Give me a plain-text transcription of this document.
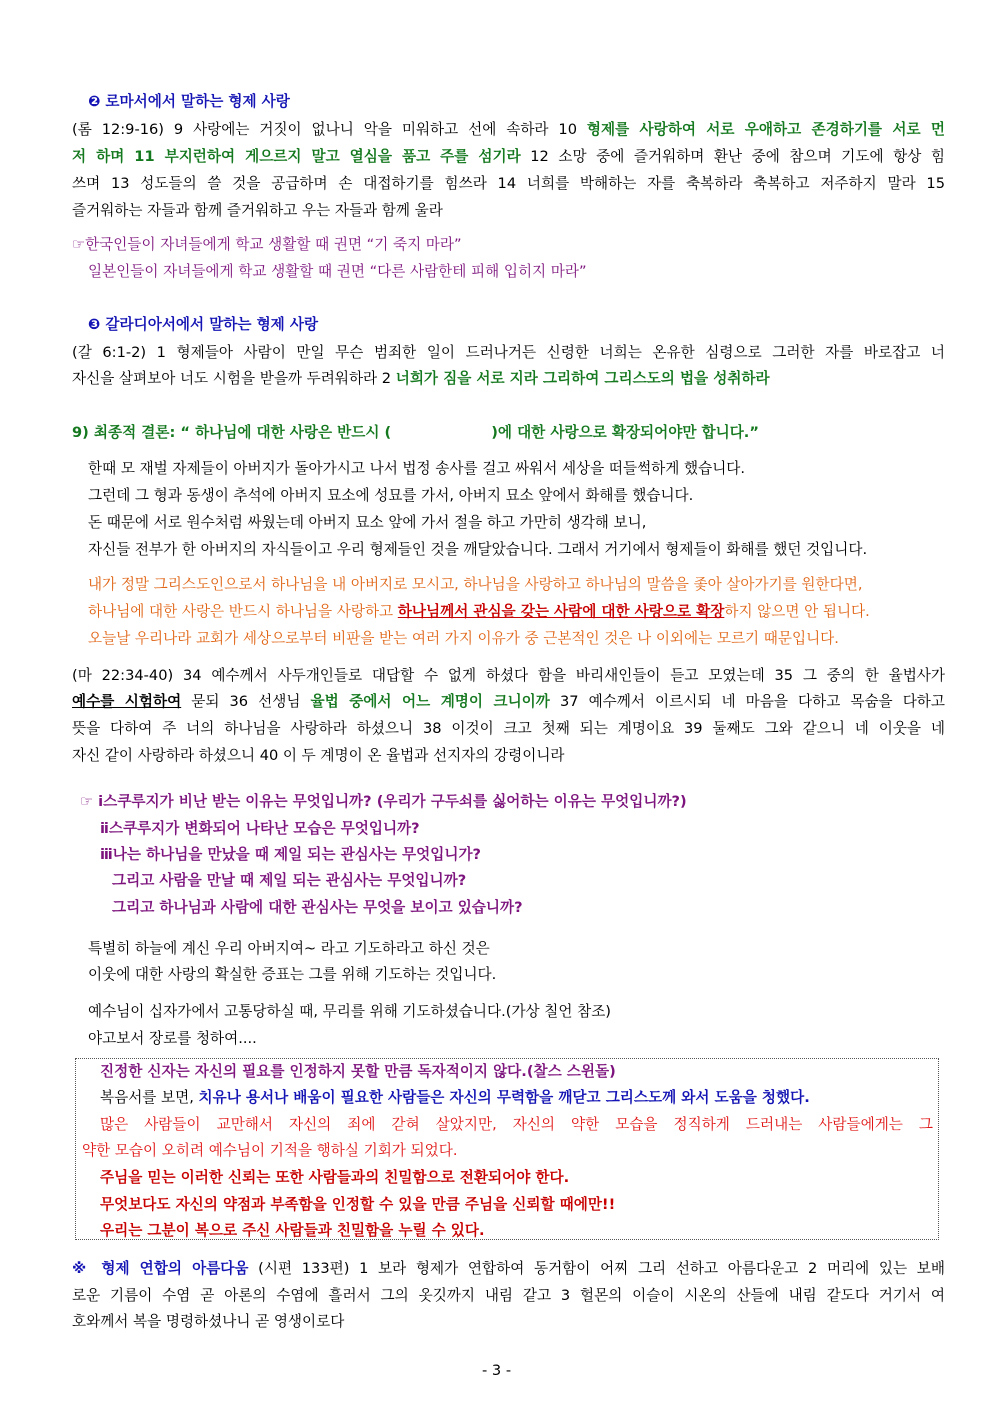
❷ 로마서에서 말하는 형제 사랑
(롬 12:9-16) 9 사랑에는 거짓이 없나니 악을 미워하고 선에 속하라 10 형제를 사랑하여 서로 우애하고 존경하기를 서로 먼
저 하며 11 부지런하여 게으르지 말고 열심을 품고 주를 섬기라 12 소망 중에 즐거워하며 환난 중에 참으며 기도에 항상 힘
쓰며 13 성도들의 쓸 것을 공급하며 손 대접하기를 힘쓰라 14 너희를 박해하는 자를 축복하라 축복하고 저주하지 말라 15
즐거워하는 자들과 함께 즐거워하고 우는 자들과 함께 울라
☞한국인들이 자녀들에게 학교 생활할 때 권면 “기 죽지 마라”
일본인들이 자녀들에게 학교 생활할 때 권면 “다른 사람한테 피해 입히지 마라”
❸ 갈라디아서에서 말하는 형제 사랑
(갈 6:1-2) 1 형제들아 사람이 만일 무슨 범죄한 일이 드러나거든 신령한 너희는 온유한 심령으로 그러한 자를 바로잡고 너
자신을 살펴보아 너도 시험을 받을까 두려워하라 2 너희가 짐을 서로 지라 그리하여 그리스도의 법을 성취하라
9) 최종적 결론: “ 하나님에 대한 사랑은 반드시 (	)에 대한 사랑으로 확장되어야만 합니다.”
한때 모 재벌 자제들이 아버지가 돌아가시고 나서 법정 송사를 걸고 싸워서 세상을 떠들썩하게 했습니다.
그런데 그 형과 동생이 추석에 아버지 묘소에 성묘를 가서, 아버지 묘소 앞에서 화해를 했습니다.
돈 때문에 서로 원수처럼 싸웠는데 아버지 묘소 앞에 가서 절을 하고 가만히 생각해 보니,
자신들 전부가 한 아버지의 자식들이고 우리 형제들인 것을 깨달았습니다. 그래서 거기에서 형제들이 화해를 했던 것입니다.
내가 정말 그리스도인으로서 하나님을 내 아버지로 모시고, 하나님을 사랑하고 하나님의 말씀을 좇아 살아가기를 원한다면,
하나님에 대한 사랑은 반드시 하나님을 사랑하고 하나님께서 관심을 갖는 사람에 대한 사랑으로 확장하지 않으면 안 됩니다.
오늘날 우리나라 교회가 세상으로부터 비판을 받는 여러 가지 이유가 중 근본적인 것은 나 이외에는 모르기 때문입니다.
(마 22:34-40) 34 예수께서 사두개인들로 대답할 수 없게 하셨다 함을 바리새인들이 듣고 모였는데 35 그 중의 한 율법사가
예수를 시험하여 묻되 36 선생님 율법 중에서 어느 계명이 크니이까 37 예수께서 이르시되 네 마음을 다하고 목숨을 다하고
뜻을 다하여 주 너의 하나님을 사랑하라 하셨으니 38 이것이 크고 첫째 되는 계명이요 39 둘째도 그와 같으니 네 이웃을 네
자신 같이 사랑하라 하셨으니 40 이 두 계명이 온 율법과 선지자의 강령이니라
☞ ⅰ스쿠루지가 비난 받는 이유는 무엇입니까? (우리가 구두쇠를 싫어하는 이유는 무엇입니까?)
ⅱ스쿠루지가 변화되어 나타난 모습은 무엇입니까?
ⅲ나는 하나님을 만났을 때 제일 되는 관심사는 무엇입니가?
그리고 사람을 만날 때 제일 되는 관심사는 무엇입니까?
그리고 하나님과 사람에 대한 관심사는 무엇을 보이고 있습니까?
특별히 하늘에 계신 우리 아버지여~ 라고 기도하라고 하신 것은
이웃에 대한 사랑의 확실한 증표는 그를 위해 기도하는 것입니다.
예수님이 십자가에서 고통당하실 때, 무리를 위해 기도하셨습니다.(가상 칠언 참조)
야고보서 장로를 청하여....
진정한 신자는 자신의 필요를 인정하지 못할 만큼 독자적이지 않다.(찰스 스윈돌)
복음서를 보면, 치유나 용서나 배움이 필요한 사람들은 자신의 무력함을 깨닫고 그리스도께 와서 도움을 청했다.
많은 사람들이 교만해서 자신의 죄에 갇혀 살았지만, 자신의 약한 모습을 정직하게 드러내는 사람들에게는 그
약한 모습이 오히려 예수님이 기적을 행하실 기회가 되었다.
주님을 믿는 이러한 신뢰는 또한 사람들과의 친밀함으로 전환되어야 한다.
무엇보다도 자신의 약점과 부족함을 인정할 수 있을 만큼 주님을 신뢰할 때에만!!
우리는 그분이 복으로 주신 사람들과 친밀함을 누릴 수 있다.
※ 형제 연합의 아름다움 (시편 133편) 1 보라 형제가 연합하여 동거함이 어찌 그리 선하고 아름다운고 2 머리에 있는 보배
로운 기름이 수염 곧 아론의 수염에 흘러서 그의 옷깃까지 내림 같고 3 헐몬의 이슬이 시온의 산들에 내림 같도다 거기서 여
호와께서 복을 명령하셨나니 곧 영생이로다
- 3 -
